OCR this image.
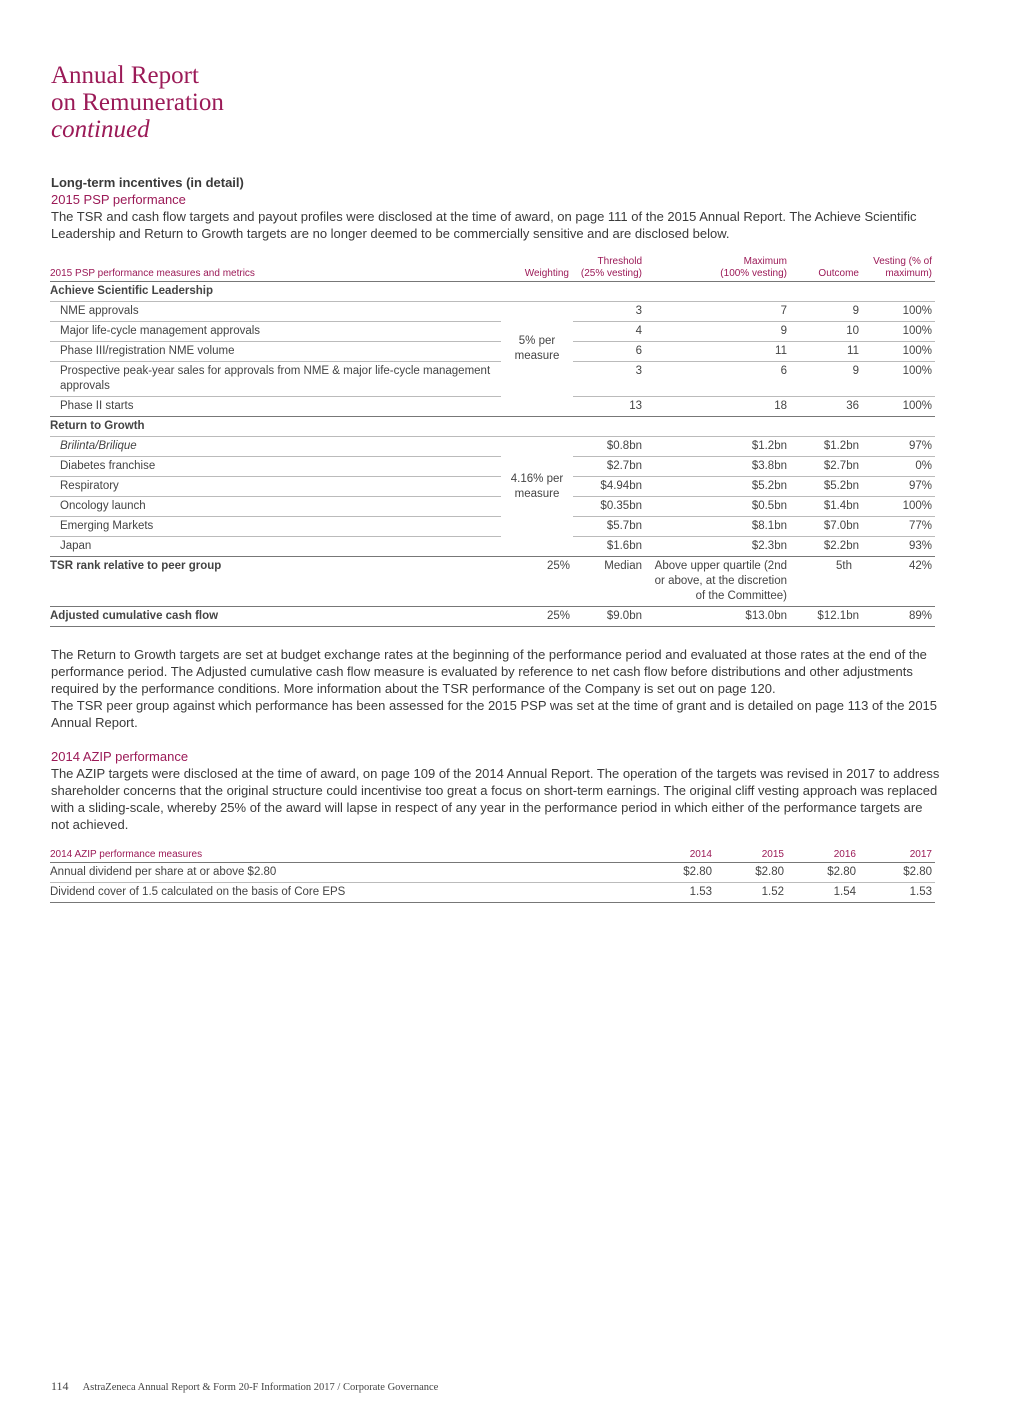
Annual Report
on Remuneration
continued
Long-term incentives (in detail)
2015 PSP performance

The TSR and cash flow targets and payout profiles were disclosed at the time of award, on page 111 of the 2015 Annual Report. The Achieve Scientific Leadership and Return to Growth targets are no longer deemed to be commercially sensitive and are disclosed below.

2015 PSP performance measures and metrics	Weighting	Threshold (25% vesting)	Maximum (100% vesting)	Outcome	Vesting (% of maximum)
Achieve Scientific Leadership					
NME approvals	5% per measure	3	7	9	100%
Major life-cycle management approvals		4	9	10	100%
Phase III/registration NME volume		6	11	11	100%
Prospective peak-year sales for approvals from NME & major life-cycle management approvals		3	6	9	100%
Phase II starts		13	18	36	100%
Return to Growth					
Brilinta/Brilique	4.16% per measure	$0.8bn	$1.2bn	$1.2bn	97%
Diabetes franchise		$2.7bn	$3.8bn	$2.7bn	0%
Respiratory		$4.94bn	$5.2bn	$5.2bn	97%
Oncology launch		$0.35bn	$0.5bn	$1.4bn	100%
Emerging Markets		$5.7bn	$8.1bn	$7.0bn	77%
Japan		$1.6bn	$2.3bn	$2.2bn	93%
TSR rank relative to peer group	25%	Median	Above upper quartile (2nd or above, at the discretion of the Committee)	5th	42%
Adjusted cumulative cash flow	25%	$9.0bn	$13.0bn	$12.1bn	89%

The Return to Growth targets are set at budget exchange rates at the beginning of the performance period and evaluated at those rates at the end of the performance period. The Adjusted cumulative cash flow measure is evaluated by reference to net cash flow before distributions and other adjustments required by the performance conditions. More information about the TSR performance of the Company is set out on page 120.

The TSR peer group against which performance has been assessed for the 2015 PSP was set at the time of grant and is detailed on page 113 of the 2015 Annual Report.

2014 AZIP performance

The AZIP targets were disclosed at the time of award, on page 109 of the 2014 Annual Report. The operation of the targets was revised in 2017 to address shareholder concerns that the original structure could incentivise too great a focus on short-term earnings. The original cliff vesting approach was replaced with a sliding-scale, whereby 25% of the award will lapse in respect of any year in the performance period in which either of the performance targets are not achieved.

2014 AZIP performance measures	2014	2015	2016	2017
Annual dividend per share at or above $2.80	$2.80	$2.80	$2.80	$2.80
Dividend cover of 1.5 calculated on the basis of Core EPS	1.53	1.52	1.54	1.53
114 AstraZeneca Annual Report & Form 20-F Information 2017 / Corporate Governance
